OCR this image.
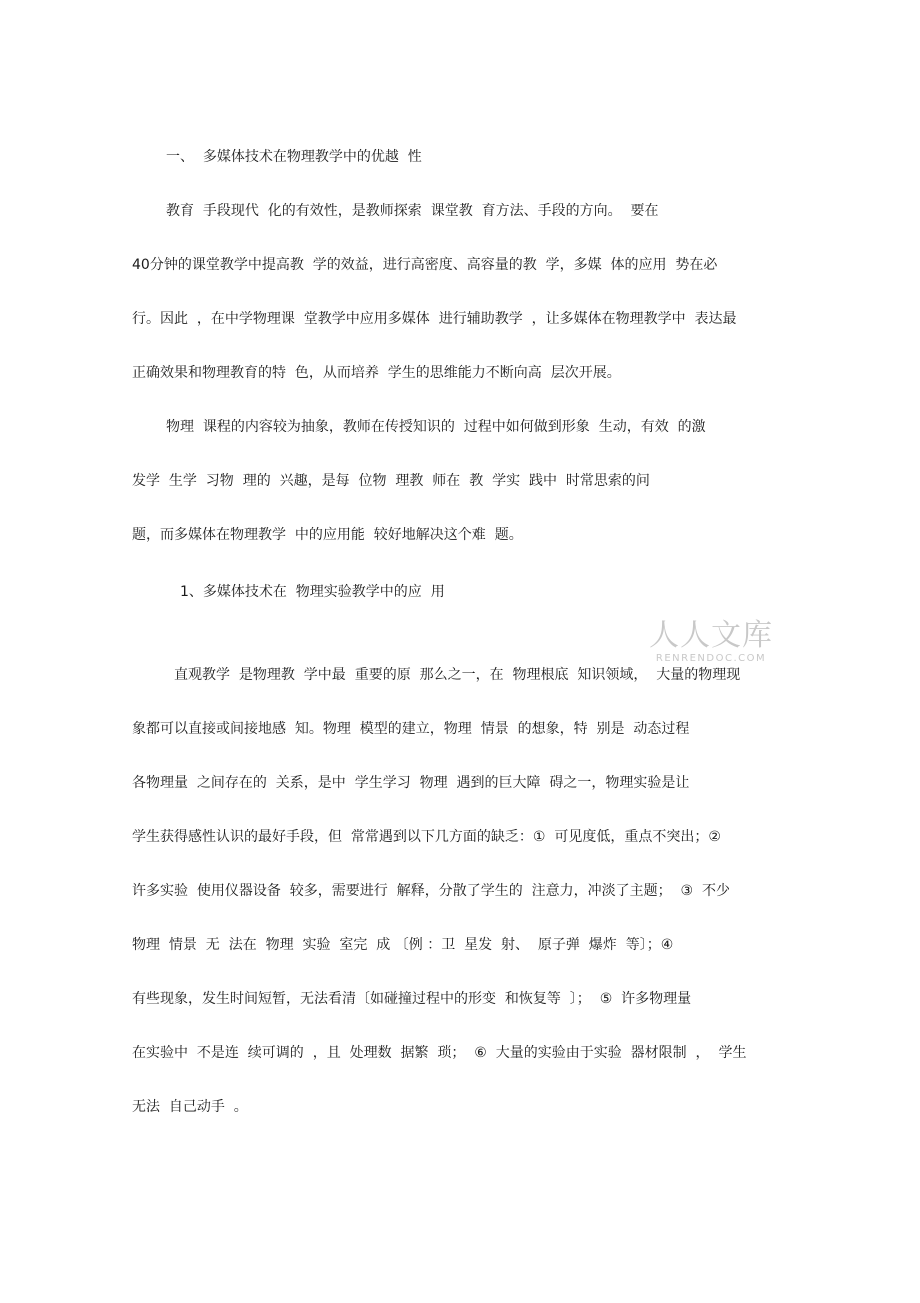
一、  多媒体技术在物理教学中的优越  性
教育  手段现代  化的有效性，是教师探索  课堂教  育方法、手段的方向。  要在
40分钟的课堂教学中提高教  学的效益，进行高密度、高容量的教  学，多媒  体的应用  势在必
行。因此  ，在中学物理课  堂教学中应用多媒体  进行辅助教学  ，让多媒体在物理教学中  表达最
正确效果和物理教育的特  色，从而培养  学生的思维能力不断向高  层次开展。
物理  课程的内容较为抽象，教师在传授知识的  过程中如何做到形象  生动，有效  的激
发学  生学  习物  理的  兴趣，是每  位物  理教  师在  教  学实  践中  时常思索的问
题，而多媒体在物理教学  中的应用能  较好地解决这个难  题。
1、多媒体技术在  物理实验教学中的应  用
人人文库
RENRENDOC.COM
直观教学  是物理教  学中最  重要的原  那么之一，在  物理根底  知识领域，  大量的物理现
象都可以直接或间接地感  知。物理  模型的建立，物理  情景  的想象，特  别是  动态过程
各物理量  之间存在的  关系，是中  学生学习  物理  遇到的巨大障  碍之一，物理实验是让
学生获得感性认识的最好手段，但  常常遇到以下几方面的缺乏：①  可见度低，重点不突出；②
许多实验  使用仪器设备  较多，需要进行  解释，分散了学生的  注意力，冲淡了主题；  ③  不少
物理  情景  无  法在  物理  实验  室完  成 〔例 ：卫  星发  射、  原子弹  爆炸  等〕；④
有些现象，发生时间短暂，无法看清〔如碰撞过程中的形变  和恢复等  〕；  ⑤  许多物理量
在实验中  不是连  续可调的  ，且  处理数  据繁  琐；  ⑥  大量的实验由于实验  器材限制  ，  学生
无法  自己动手  。
